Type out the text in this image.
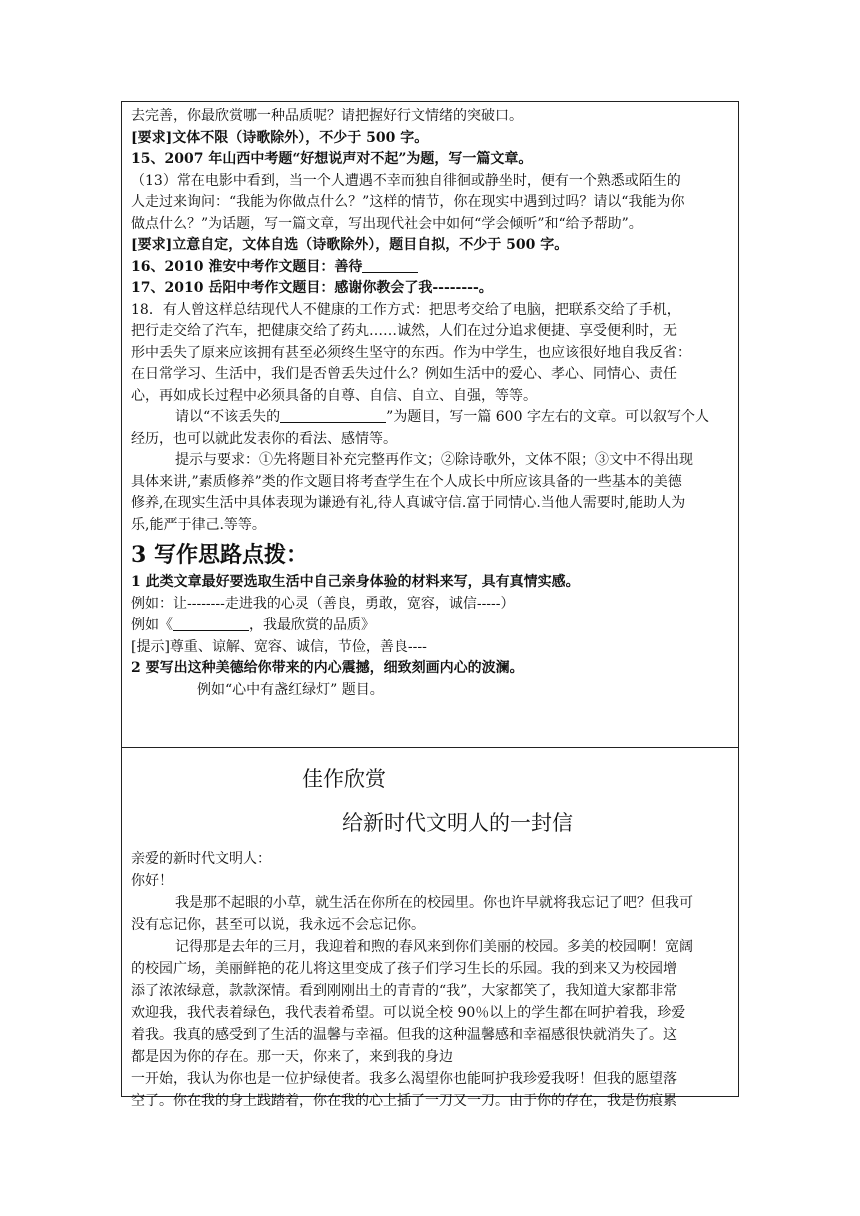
去完善，你最欣赏哪一种品质呢？请把握好行文情绪的突破口。
[要求]文体不限（诗歌除外），不少于 500 字。
15、2007 年山西中考题“好想说声对不起”为题，写一篇文章。
（13）常在电影中看到，当一个人遭遇不幸而独自徘徊或静坐时，便有一个熟悉或陌生的
人走过来询问：“我能为你做点什么？”这样的情节，你在现实中遇到过吗？请以“我能为你
做点什么？”为话题，写一篇文章，写出现代社会中如何“学会倾听”和“给予帮助”。
[要求]立意自定，文体自选（诗歌除外），题目自拟，不少于 500 字。
16、2010 淮安中考作文题目：善待
17、2010 岳阳中考作文题目：感谢你教会了我--------。
18．有人曾这样总结现代人不健康的工作方式：把思考交给了电脑，把联系交给了手机，
把行走交给了汽车，把健康交给了药丸……诚然，人们在过分追求便捷、享受便利时，无
形中丢失了原来应该拥有甚至必须终生坚守的东西。作为中学生，也应该很好地自我反省：
在日常学习、生活中，我们是否曾丢失过什么？例如生活中的爱心、孝心、同情心、责任
心，再如成长过程中必须具备的自尊、自信、自立、自强，等等。
请以“不该丢失的	”为题目，写一篇 600 字左右的文章。可以叙写个人
经历，也可以就此发表你的看法、感情等。
提示与要求：①先将题目补充完整再作文；②除诗歌外，文体不限；③文中不得出现
具体来讲,”素质修养”类的作文题目将考查学生在个人成长中所应该具备的一些基本的美德
修养,在现实生活中具体表现为谦逊有礼,待人真诚守信.富于同情心.当他人需要时,能助人为
乐,能严于律己.等等。
3 写作思路点拨：
1 此类文章最好要选取生活中自己亲身体验的材料来写，具有真情实感。
例如：让--------走进我的心灵（善良，勇敢，宽容，诚信-----）
例如《	，我最欣赏的品质》
[提示]尊重、谅解、宽容、诚信，节俭，善良----
2 要写出这种美德给你带来的内心震撼，细致刻画内心的波澜。
例如“心中有盏红绿灯” 题目。
佳作欣赏
给新时代文明人的一封信
亲爱的新时代文明人：
你好！
我是那不起眼的小草，就生活在你所在的校园里。你也许早就将我忘记了吧？但我可
没有忘记你，甚至可以说，我永远不会忘记你。
记得那是去年的三月，我迎着和煦的春风来到你们美丽的校园。多美的校园啊！宽阔
的校园广场，美丽鲜艳的花儿将这里变成了孩子们学习生长的乐园。我的到来又为校园增
添了浓浓绿意，款款深情。看到刚刚出土的青青的“我”，大家都笑了，我知道大家都非常
欢迎我，我代表着绿色，我代表着希望。可以说全校 90％以上的学生都在呵护着我，珍爱
着我。我真的感受到了生活的温馨与幸福。但我的这种温馨感和幸福感很快就消失了。这
都是因为你的存在。那一天，你来了，来到我的身边
一开始，我认为你也是一位护绿使者。我多么渴望你也能呵护我珍爱我呀！但我的愿望落
空了。你在我的身上践踏着，你在我的心上插了一刀又一刀。由于你的存在，我是伤痕累
